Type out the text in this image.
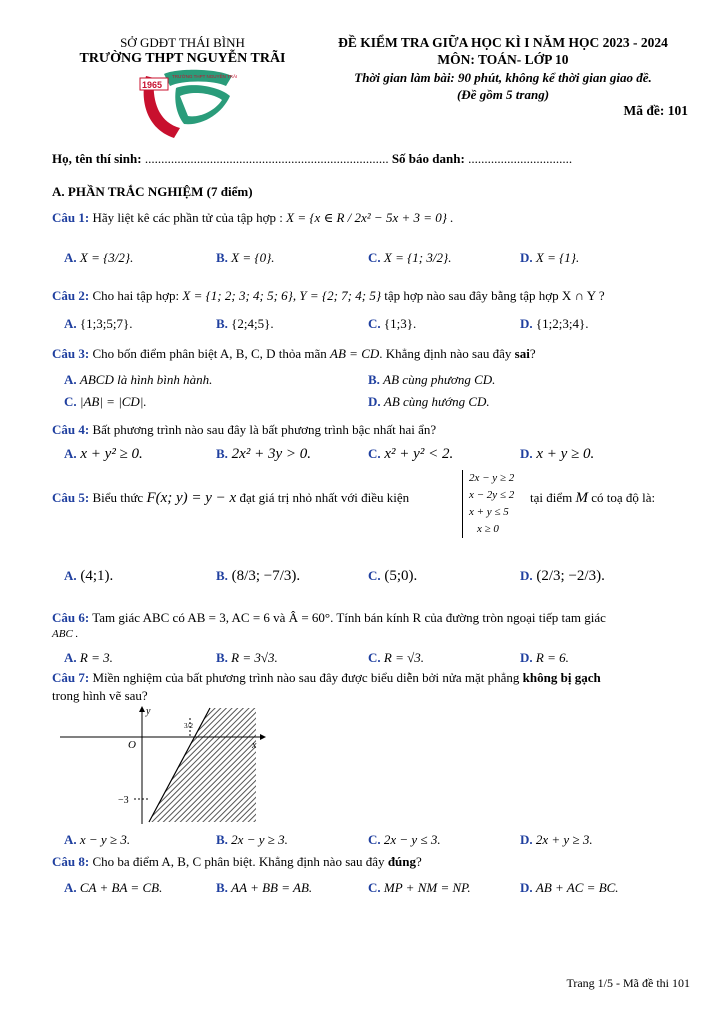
SỞ GDĐT THÁI BÌNH
TRƯỜNG THPT NGUYỄN TRÃI
ĐỀ KIỂM TRA GIỮA HỌC KÌ I NĂM HỌC 2023 - 2024
MÔN: TOÁN- LỚP 10
Thời gian làm bài: 90 phút, không kể thời gian giao đề.
(Đề gồm 5 trang)
Mã đề: 101
1965
TRƯỜNG THPT NGUYỄN TRÃI
Họ, tên thí sinh: ........................................................................... Số báo danh: ................................
A. PHẦN TRẮC NGHIỆM (7 điểm)
Câu 1: Hãy liệt kê các phần tử của tập hợp : X = {x ∈ R / 2x² − 5x + 3 = 0} .
A. X = {3/2}.	B. X = {0}.	C. X = {1; 3/2}.	D. X = {1}.
Câu 2: Cho hai tập hợp: X = {1; 2; 3; 4; 5; 6}, Y = {2; 7; 4; 5} tập hợp nào sau đây bằng tập hợp X ∩ Y ?
A. {1;3;5;7}.	B. {2;4;5}.	C. {1;3}.	D. {1;2;3;4}.
Câu 3: Cho bốn điểm phân biệt A, B, C, D thỏa mãn AB = CD. Khẳng định nào sau đây sai?
A. ABCD là hình bình hành.	B. AB cùng phương CD.
C. |AB| = |CD|.	D. AB cùng hướng CD.
Câu 4: Bất phương trình nào sau đây là bất phương trình bậc nhất hai ẩn?
A. x + y² ≥ 0.	B. 2x² + 3y > 0.	C. x² + y² < 2.	D. x + y ≥ 0.
Câu 5: Biểu thức F(x; y) = y − x đạt giá trị nhỏ nhất với điều kiện
2x − y ≥ 2
x − 2y ≤ 2
x + y ≤ 5
x ≥ 0
tại điểm M có toạ độ là:
A. (4;1).	B. (8/3; −7/3).	C. (5;0).	D. (2/3; −2/3).
Câu 6: Tam giác ABC có AB = 3, AC = 6 và Â = 60°. Tính bán kính R của đường tròn ngoại tiếp tam giác
ABC .
A. R = 3.	B. R = 3√3.	C. R = √3.	D. R = 6.
Câu 7: Miền nghiệm của bất phương trình nào sau đây được biểu diễn bởi nửa mặt phẳng không bị gạch
trong hình vẽ sau?
y
x
O
−3
3/2
A. x − y ≥ 3.	B. 2x − y ≥ 3.	C. 2x − y ≤ 3.	D. 2x + y ≥ 3.
Câu 8: Cho ba điểm A, B, C phân biệt. Khẳng định nào sau đây đúng?
A. CA + BA = CB.	B. AA + BB = AB.	C. MP + NM = NP.	D. AB + AC = BC.
Trang 1/5 - Mã đề thi 101
